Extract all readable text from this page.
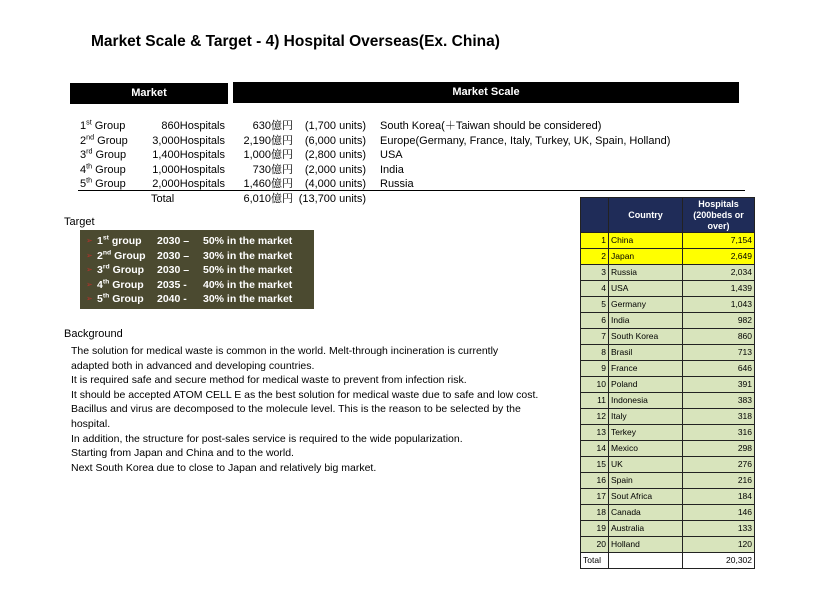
Market Scale & Target - 4) Hospital Overseas(Ex. China)
Market	Market Scale
Total	6,010億円 (13,700 units)
1st Group	860Hospitals	630億円	(1,700 units) South Korea(＋Taiwan should be considered)
2nd Group	3,000Hospitals	2,190億円	(6,000 units) Europe(Germany, France, Italy, Turkey, UK, Spain, Holland)
3rd Group	1,400Hospitals	1,000億円	(2,800 units) USA
4th Group	1,000Hospitals	730億円	(2,000 units) India
5th Group	2,000Hospitals	1,460億円	(4,000 units) Russia
Target
➢ 1st group 2030 – 50% in the market
➢ 2nd Group 2030 – 30% in the market
➢ 3rd Group 2030 – 50% in the market
➢ 4th Group 2035 - 40% in the market
➢ 5th Group 2040 - 30% in the market
Background
The solution for medical waste is common in the world. Melt-through incineration is currently
adapted both in advanced and developing countries.
It is required safe and secure method for medical waste to prevent from infection risk.
It should be accepted ATOM CELL E as the best solution for medical waste due to safe and low cost.
Bacillus and virus are decomposed to the molecule level. This is the reason to be selected by the
hospital.
In addition, the structure for post-sales service is required to the wide popularization.
Starting from Japan and China and to the world.
Next South Korea due to close to Japan and relatively big market.
	Country	Hospitals
(200beds or
over)

1	China	7,154
2	Japan	2,649
3	Russia	2,034
4	USA	1,439
5	Germany	1,043
6	India	982
7	South Korea	860
8	Brasil	713
9	France	646
10	Poland	391
11	Indonesia	383
12	Italy	318
13	Terkey	316
14	Mexico	298
15	UK	276
16	Spain	216
17	Sout Africa	184
18	Canada	146
19	Australia	133
20	Holland	120
Total		20,302
